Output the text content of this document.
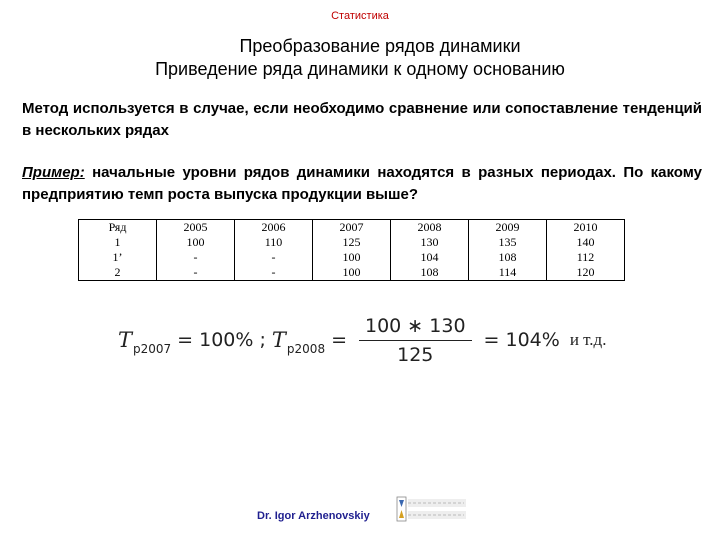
Статистика
Преобразование рядов динамики
Приведение ряда динамики к одному основанию
Метод используется в случае, если необходимо сравнение или сопоставление тенденций в нескольких рядах
Пример: начальные уровни рядов динамики находятся в разных периодах. По какому предприятию темп роста выпуска продукции выше?
Ряд	2005	2006	2007	2008	2009	2010
1	100	110	125	130	135	140
1’	-	-	100	104	108	112
2	-	-	100	108	114	120
$T_{р2007} = 100\%$ ; $T_{р2008} = \frac{100 ∗ 130}{125} = 104\%$ и т.д.
Dr. Igor Arzhenovskiy
